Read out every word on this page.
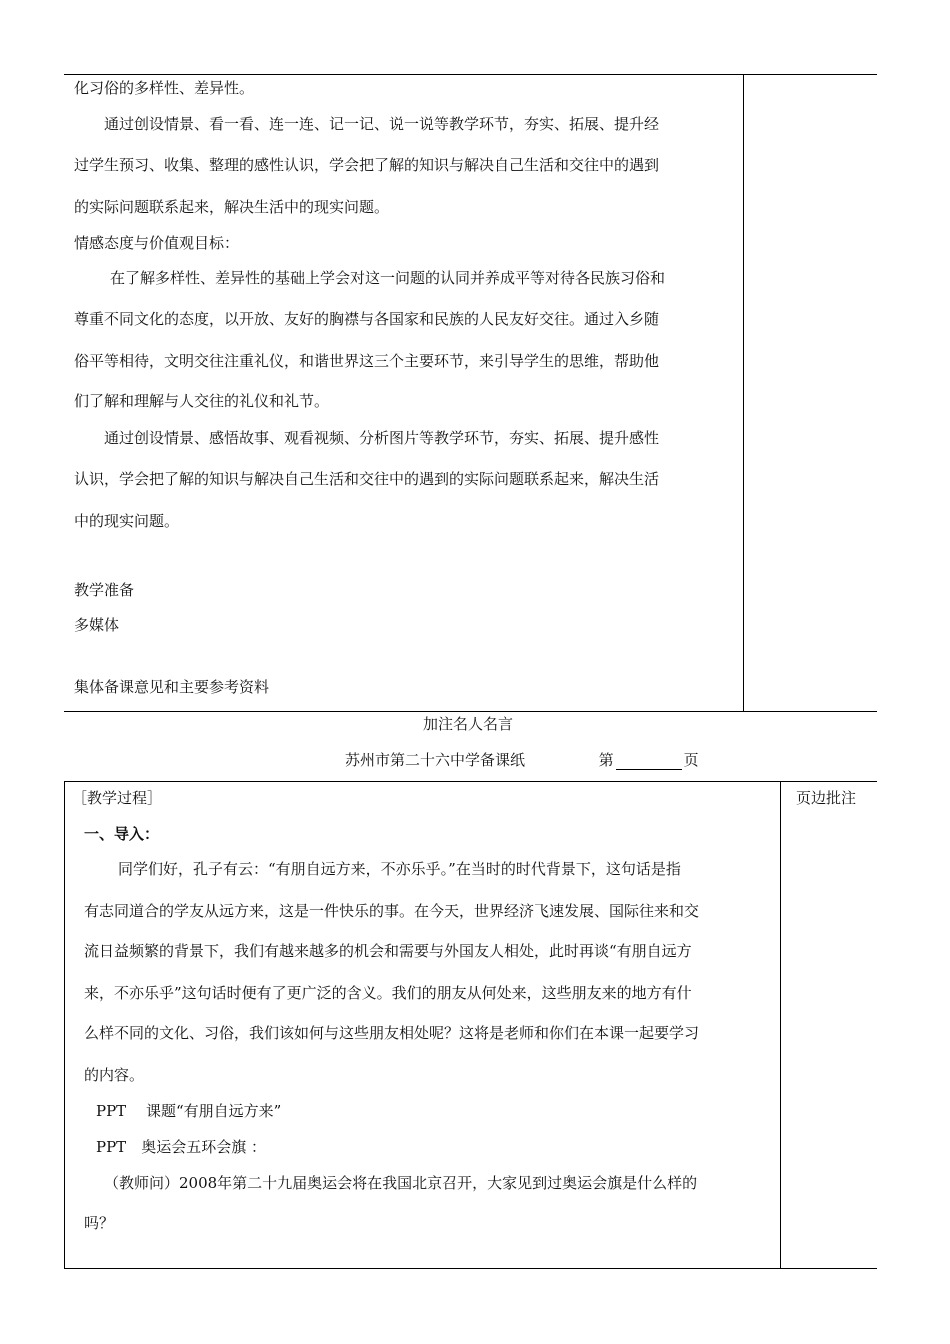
化习俗的多样性、差异性。
通过创设情景、看一看、连一连、记一记、说一说等教学环节，夯实、拓展、提升经
过学生预习、收集、整理的感性认识，学会把了解的知识与解决自己生活和交往中的遇到
的实际问题联系起来，解决生活中的现实问题。
情感态度与价值观目标：
在了解多样性、差异性的基础上学会对这一问题的认同并养成平等对待各民族习俗和
尊重不同文化的态度，以开放、友好的胸襟与各国家和民族的人民友好交往。通过入乡随
俗平等相待，文明交往注重礼仪，和谐世界这三个主要环节，来引导学生的思维，帮助他
们了解和理解与人交往的礼仪和礼节。
通过创设情景、感悟故事、观看视频、分析图片等教学环节，夯实、拓展、提升感性
认识，学会把了解的知识与解决自己生活和交往中的遇到的实际问题联系起来，解决生活
中的现实问题。
教学准备
多媒体
集体备课意见和主要参考资料
加注名人名言
苏州市第二十六中学备课纸	第	页
［教学过程］	页边批注
一、导入：
同学们好，孔子有云：“有朋自远方来，不亦乐乎。”在当时的时代背景下，这句话是指
有志同道合的学友从远方来，这是一件快乐的事。在今天，世界经济飞速发展、国际往来和交
流日益频繁的背景下，我们有越来越多的机会和需要与外国友人相处，此时再谈“有朋自远方
来，不亦乐乎”这句话时便有了更广泛的含义。我们的朋友从何处来，这些朋友来的地方有什
么样不同的文化、习俗，我们该如何与这些朋友相处呢？这将是老师和你们在本课一起要学习
的内容。
PPT　 课题“有朋自远方来”
PPT　奥运会五环会旗 ：
（教师问）2008年第二十九届奥运会将在我国北京召开，大家见到过奥运会旗是什么样的
吗？
